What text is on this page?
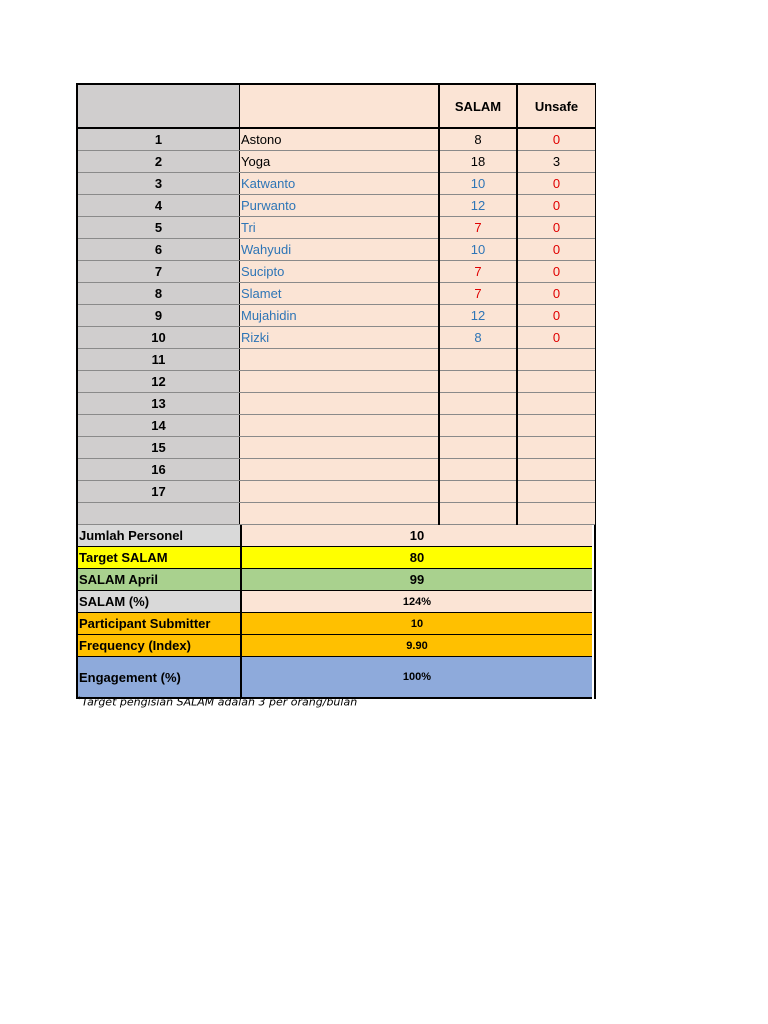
		SALAM	Unsafe
1	Astono	8	0
2	Yoga	18	3
3	Katwanto	10	0
4	Purwanto	12	0
5	Tri	7	0
6	Wahyudi	10	0
7	Sucipto	7	0
8	Slamet	7	0
9	Mujahidin	12	0
10	Rizki	8	0
11			
12			
13			
14			
15			
16			
17			

Jumlah Personel	10
Target SALAM	80
SALAM April	99
SALAM (%)	124%
Participant Submitter	10
Frequency (Index)	9.90
Engagement (%)	100%
*Target pengisian SALAM adalah 3 per orang/bulan
